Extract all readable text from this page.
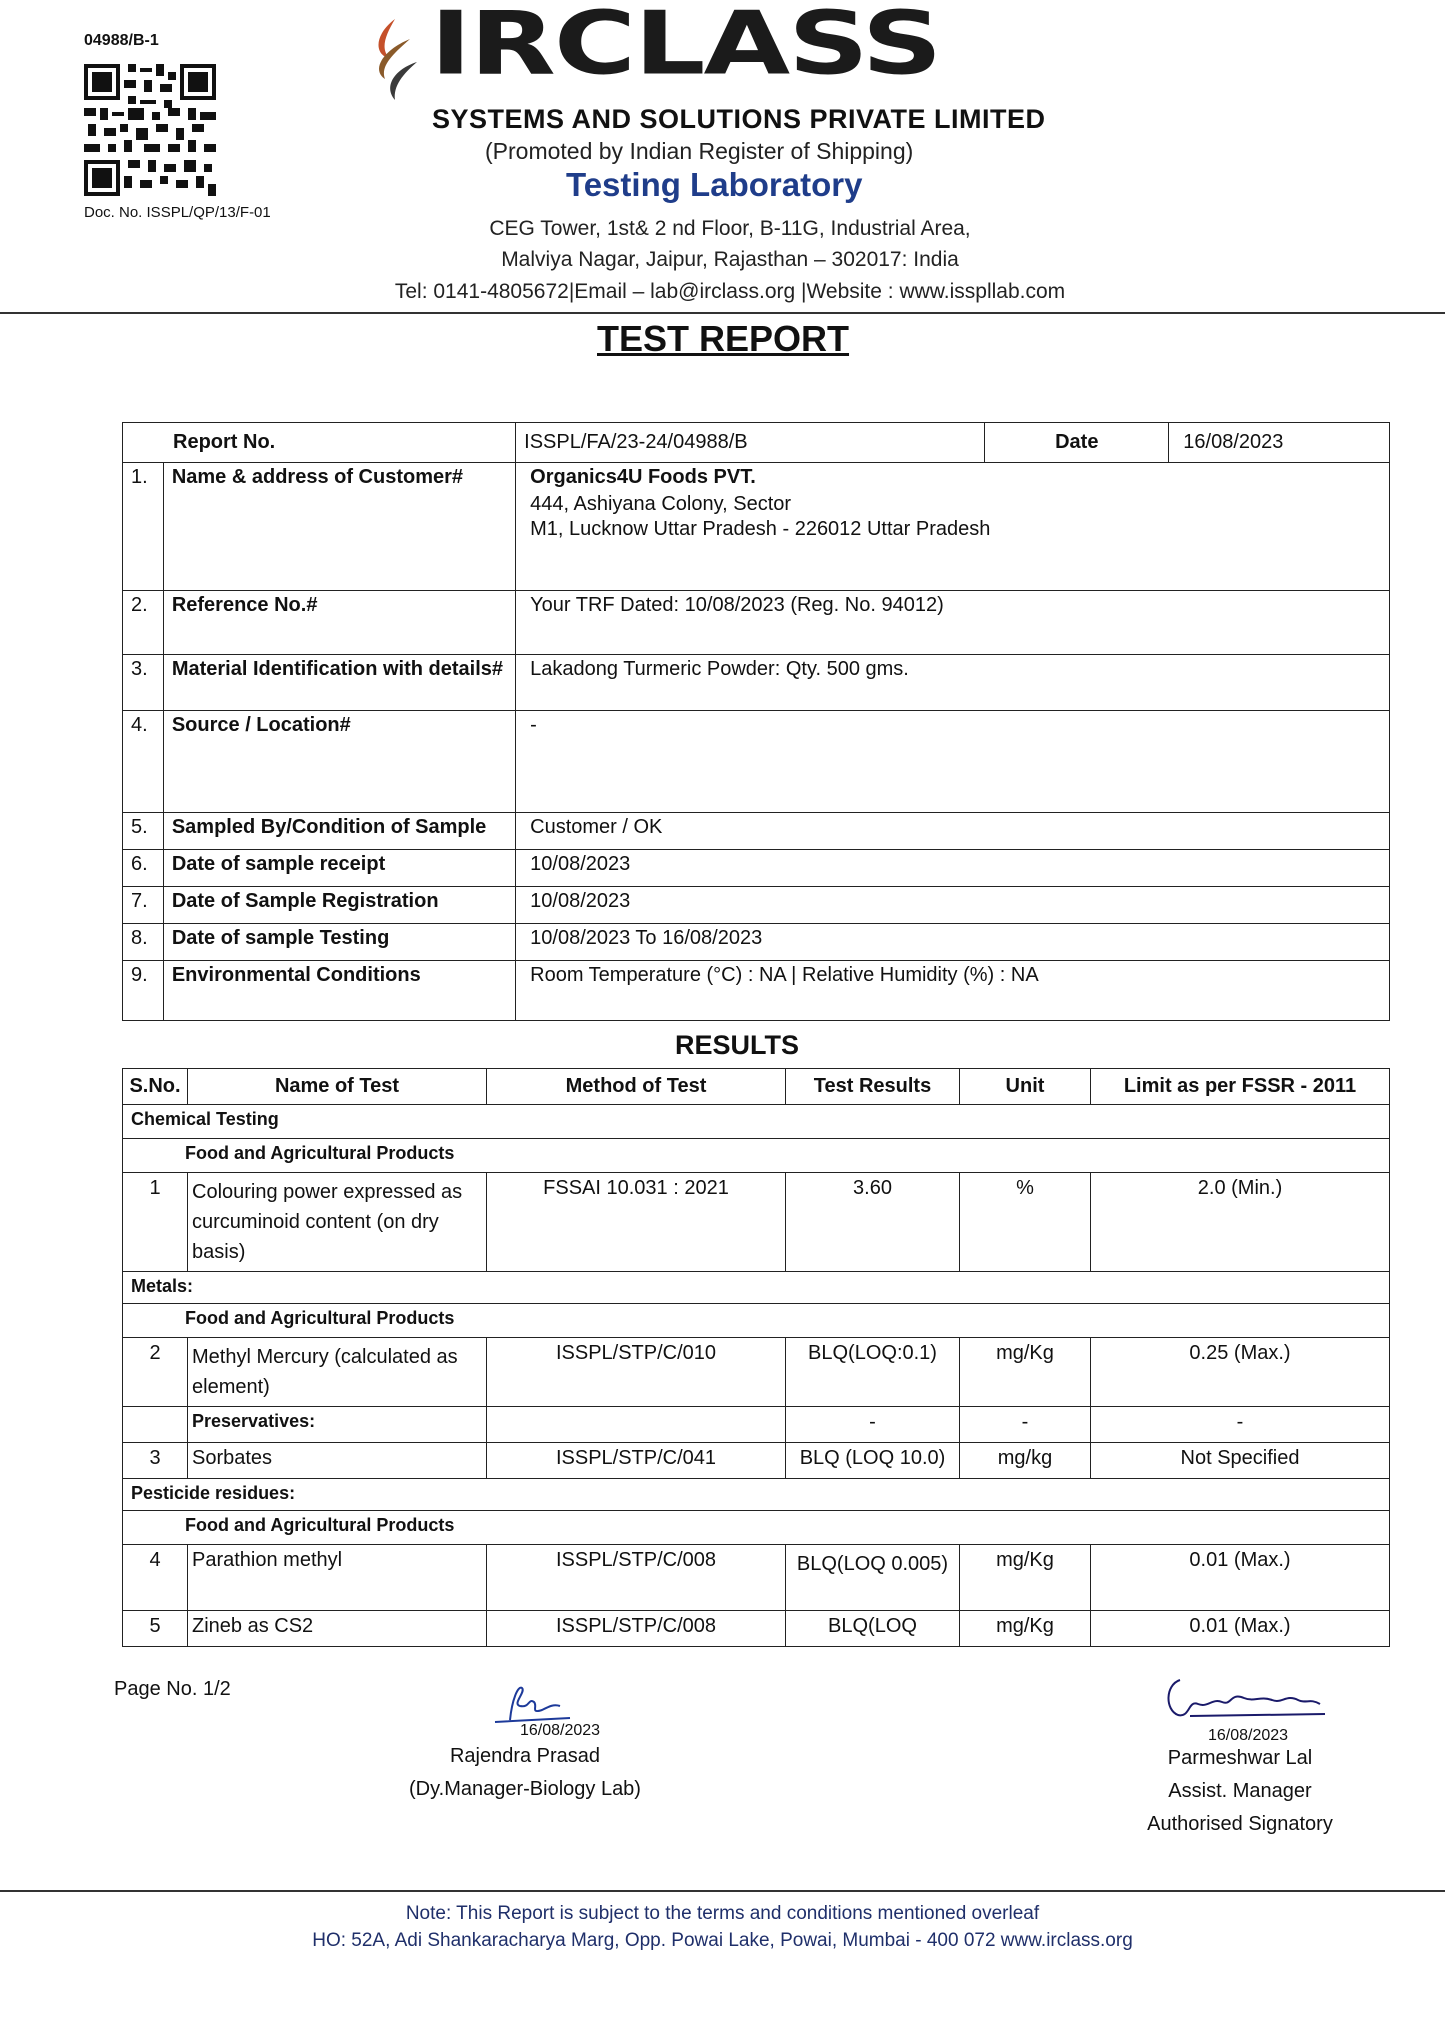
04988/B-1
Doc. No. ISSPL/QP/13/F-01
IRCLASS
SYSTEMS AND SOLUTIONS PRIVATE LIMITED
(Promoted by Indian Register of Shipping)
Testing Laboratory
CEG Tower, 1st& 2 nd Floor, B-11G, Industrial Area,
Malviya Nagar, Jaipur, Rajasthan – 302017: India
Tel: 0141-4805672|Email – lab@irclass.org |Website : www.isspllab.com
TEST REPORT
Report No.		ISSPL/FA/23-24/04988/B	Date	16/08/2023
1.	Name & address of Customer#	Organics4U Foods PVT.
444, Ashiyana Colony, Sector
M1, Lucknow Uttar Pradesh - 226012 Uttar Pradesh		

2.	Reference No.#	Your TRF Dated: 10/08/2023 (Reg. No. 94012)		
3.	Material Identification with details#	Lakadong Turmeric Powder: Qty. 500 gms.		
4.	Source / Location#	-		
5.	Sampled By/Condition of Sample	Customer / OK		
6.	Date of sample receipt	10/08/2023		
7.	Date of Sample Registration	10/08/2023		
8.	Date of sample Testing	10/08/2023 To 16/08/2023		
9.	Environmental Conditions	Room Temperature (°C) : NA | Relative Humidity (%) : NA		
RESULTS
S.No.	Name of Test	Method of Test	Test Results	Unit	Limit as per FSSR - 2011
Chemical Testing					
Food and Agricultural Products					
1	Colouring power expressed as curcuminoid content (on dry basis)	FSSAI 10.031 : 2021	3.60	%	2.0 (Min.)
Metals:					
Food and Agricultural Products					
2	Methyl Mercury (calculated as element)	ISSPL/STP/C/010	BLQ(LOQ:0.1)	mg/Kg	0.25 (Max.)
	Preservatives:		-	-	-
3	Sorbates	ISSPL/STP/C/041	BLQ (LOQ 10.0)	mg/kg	Not Specified
Pesticide residues:					
Food and Agricultural Products					
4	Parathion methyl	ISSPL/STP/C/008	BLQ(LOQ 0.005)	mg/Kg	0.01 (Max.)
5	Zineb as CS2	ISSPL/STP/C/008	BLQ(LOQ	mg/Kg	0.01 (Max.)
Page No. 1/2
16/08/2023
Rajendra Prasad
(Dy.Manager-Biology Lab)
16/08/2023
Parmeshwar Lal
Assist. Manager
Authorised Signatory
Note: This Report is subject to the terms and conditions mentioned overleaf
HO: 52A, Adi Shankaracharya Marg, Opp. Powai Lake, Powai, Mumbai - 400 072 www.irclass.org
